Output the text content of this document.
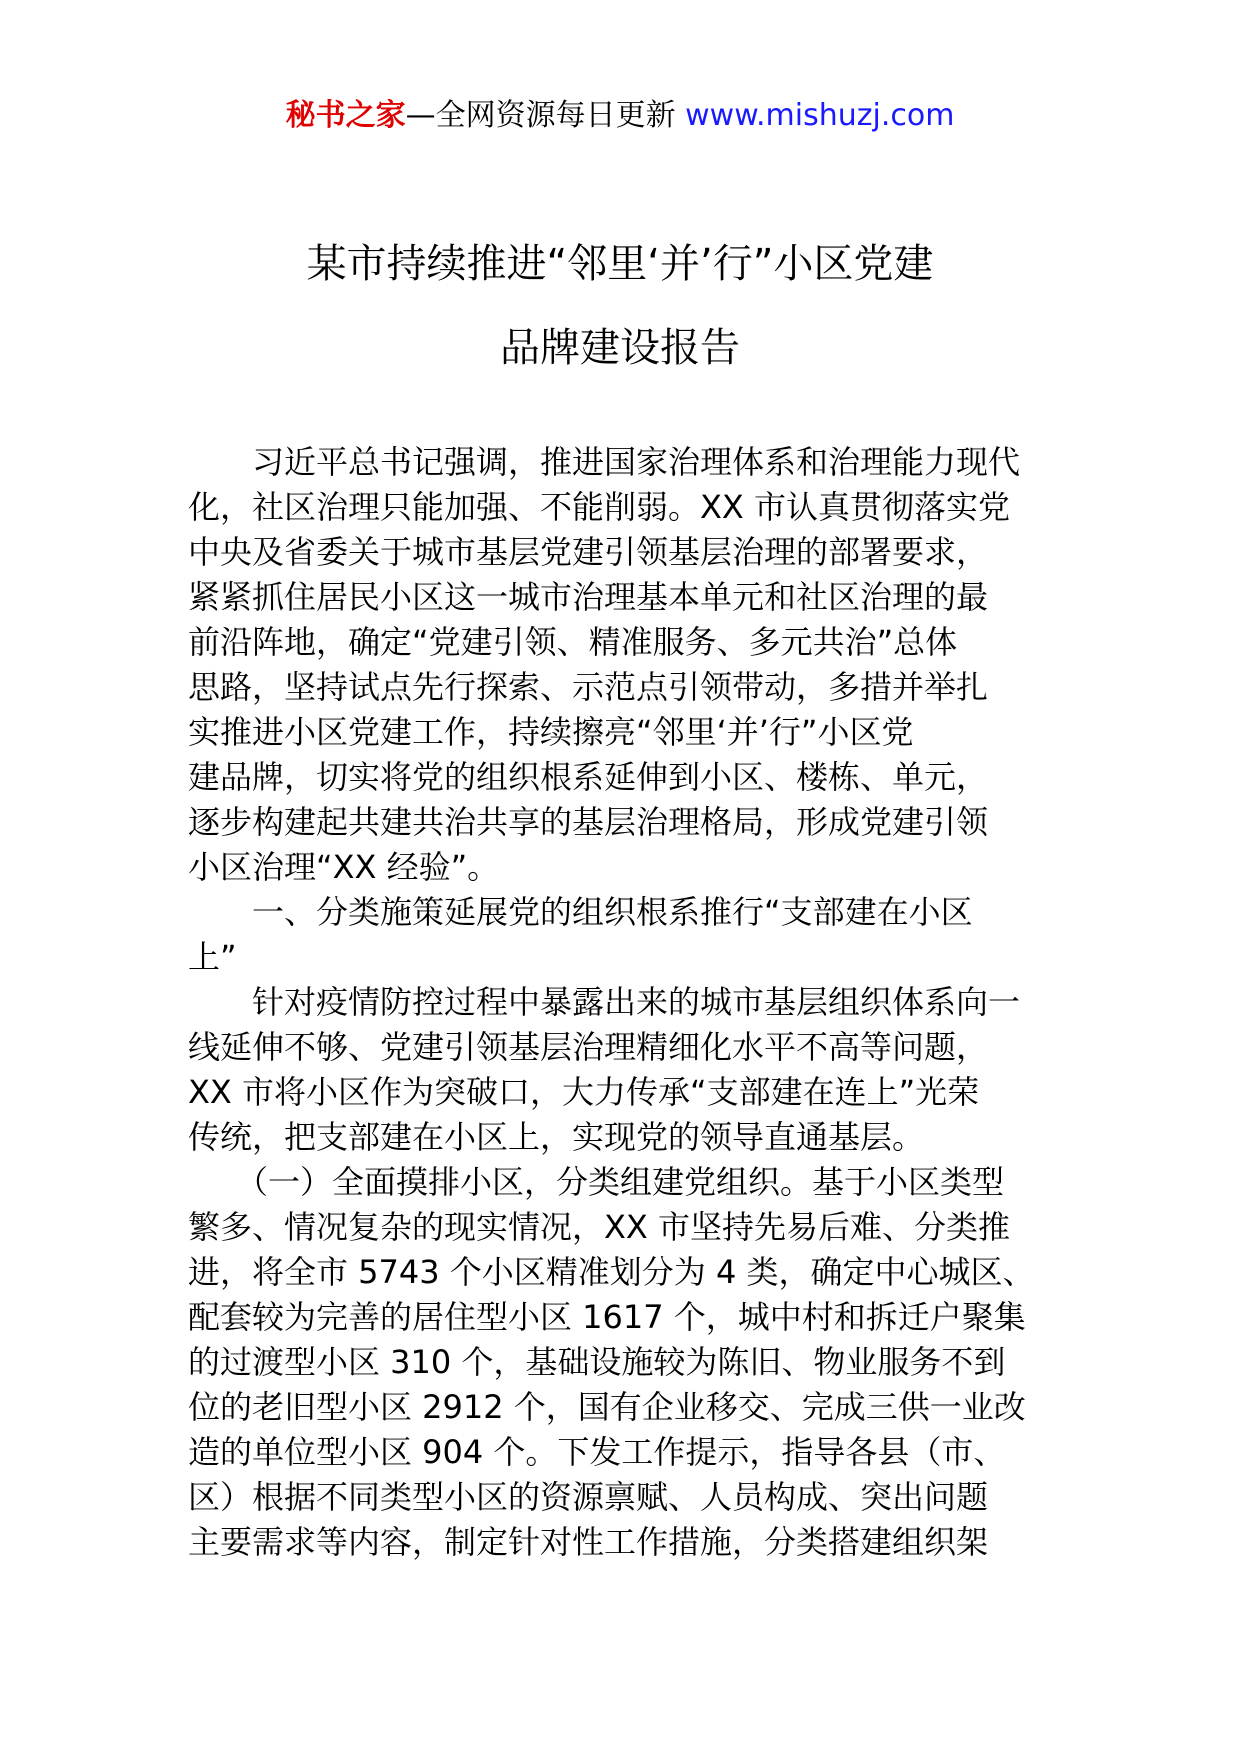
秘书之家—全网资源每日更新 www.mishuzj.com
某市持续推进“邻里‘并’行”小区党建
品牌建设报告
　　习近平总书记强调，推进国家治理体系和治理能力现代
化，社区治理只能加强、不能削弱。XX 市认真贯彻落实党
中央及省委关于城市基层党建引领基层治理的部署要求，
紧紧抓住居民小区这一城市治理基本单元和社区治理的最
前沿阵地，确定“党建引领、精准服务、多元共治”总体
思路，坚持试点先行探索、示范点引领带动，多措并举扎
实推进小区党建工作，持续擦亮“邻里‘并’行”小区党
建品牌，切实将党的组织根系延伸到小区、楼栋、单元，
逐步构建起共建共治共享的基层治理格局，形成党建引领
小区治理“XX 经验”。
　　一、分类施策延展党的组织根系推行“支部建在小区
上”
　　针对疫情防控过程中暴露出来的城市基层组织体系向一
线延伸不够、党建引领基层治理精细化水平不高等问题，
XX 市将小区作为突破口，大力传承“支部建在连上”光荣
传统，把支部建在小区上，实现党的领导直通基层。
　　（一）全面摸排小区，分类组建党组织。基于小区类型
繁多、情况复杂的现实情况，XX 市坚持先易后难、分类推
进，将全市 5743 个小区精准划分为 4 类，确定中心城区、
配套较为完善的居住型小区 1617 个，城中村和拆迁户聚集
的过渡型小区 310 个，基础设施较为陈旧、物业服务不到
位的老旧型小区 2912 个，国有企业移交、完成三供一业改
造的单位型小区 904 个。下发工作提示，指导各县（市、
区）根据不同类型小区的资源禀赋、人员构成、突出问题
主要需求等内容，制定针对性工作措施，分类搭建组织架
